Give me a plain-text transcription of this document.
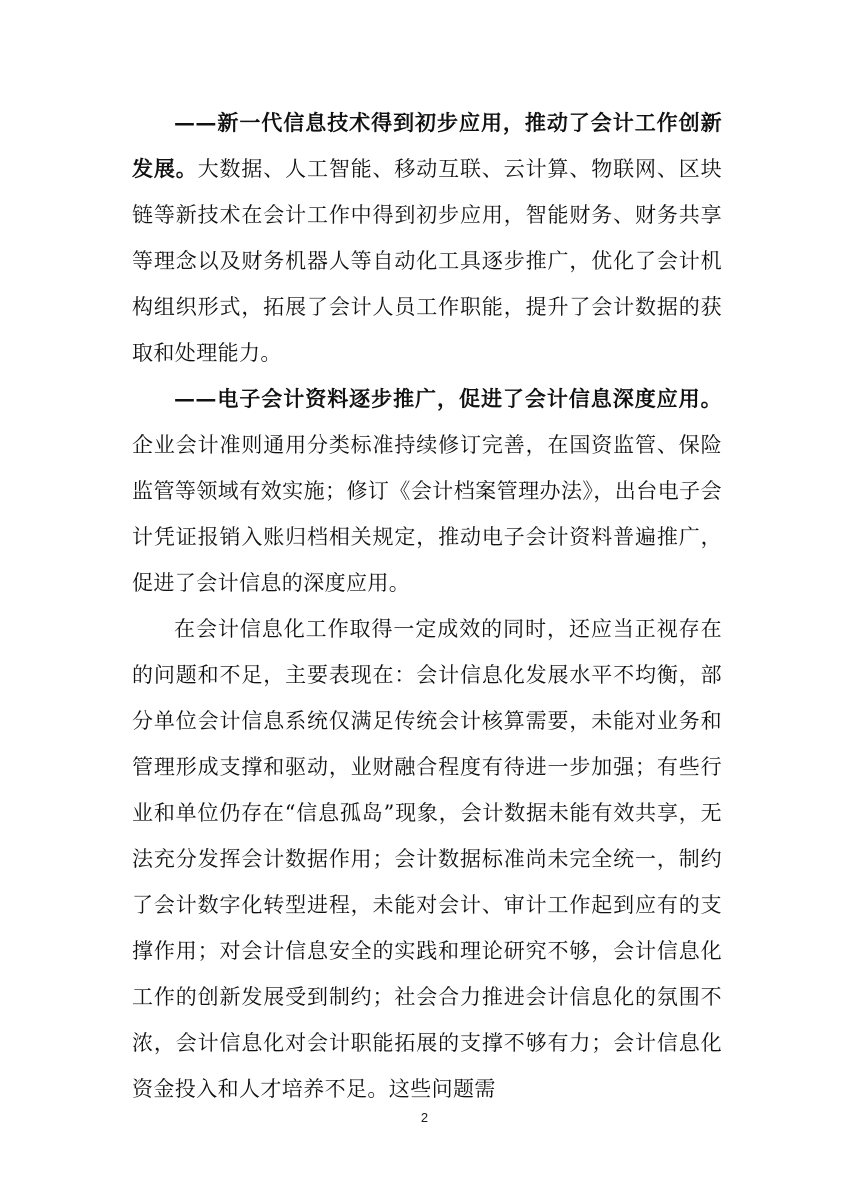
——新一代信息技术得到初步应用，推动了会计工作创新发展。大数据、人工智能、移动互联、云计算、物联网、区块链等新技术在会计工作中得到初步应用，智能财务、财务共享等理念以及财务机器人等自动化工具逐步推广，优化了会计机构组织形式，拓展了会计人员工作职能，提升了会计数据的获取和处理能力。

——电子会计资料逐步推广，促进了会计信息深度应用。企业会计准则通用分类标准持续修订完善，在国资监管、保险监管等领域有效实施；修订《会计档案管理办法》，出台电子会计凭证报销入账归档相关规定，推动电子会计资料普遍推广，促进了会计信息的深度应用。

在会计信息化工作取得一定成效的同时，还应当正视存在的问题和不足，主要表现在：会计信息化发展水平不均衡，部分单位会计信息系统仅满足传统会计核算需要，未能对业务和管理形成支撑和驱动，业财融合程度有待进一步加强；有些行业和单位仍存在“信息孤岛”现象，会计数据未能有效共享，无法充分发挥会计数据作用；会计数据标准尚未完全统一，制约了会计数字化转型进程，未能对会计、审计工作起到应有的支撑作用；对会计信息安全的实践和理论研究不够，会计信息化工作的创新发展受到制约；社会合力推进会计信息化的氛围不浓，会计信息化对会计职能拓展的支撑不够有力；会计信息化资金投入和人才培养不足。这些问题需

2
